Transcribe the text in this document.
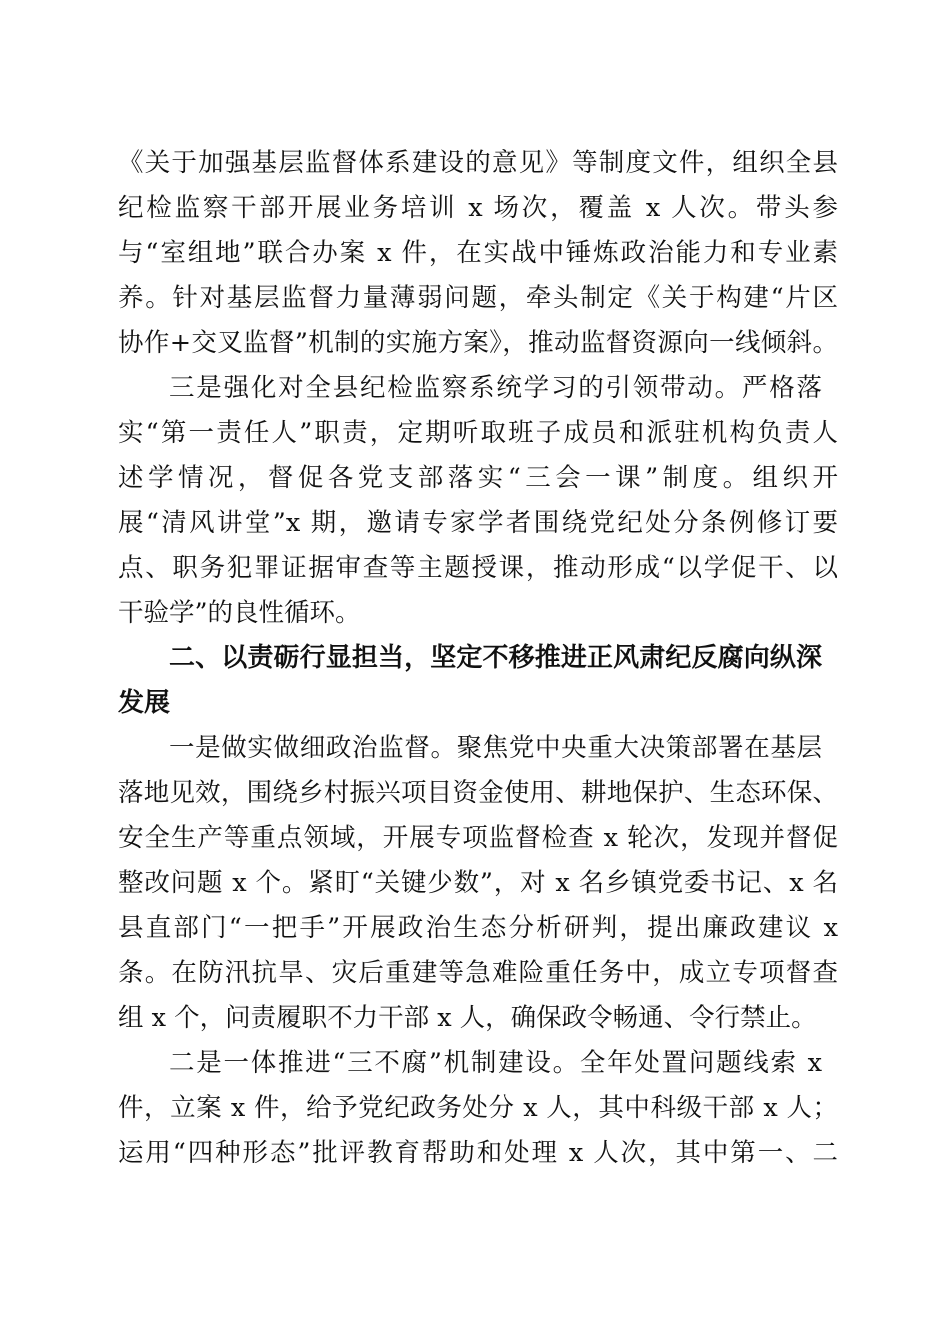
《关于加强基层监督体系建设的意见》等制度文件，组织全县
纪检监察干部开展业务培训 x 场次，覆盖 x 人次。带头参
与“室组地”联合办案 x 件，在实战中锤炼政治能力和专业素
养。针对基层监督力量薄弱问题，牵头制定《关于构建“片区
协作+交叉监督”机制的实施方案》，推动监督资源向一线倾斜。
三是强化对全县纪检监察系统学习的引领带动。严格落
实“第一责任人”职责，定期听取班子成员和派驻机构负责人
述学情况，督促各党支部落实“三会一课”制度。组织开
展“清风讲堂”x 期，邀请专家学者围绕党纪处分条例修订要
点、职务犯罪证据审查等主题授课，推动形成“以学促干、以
干验学”的良性循环。
二、以责砺行显担当，坚定不移推进正风肃纪反腐向纵深
发展
一是做实做细政治监督。聚焦党中央重大决策部署在基层
落地见效，围绕乡村振兴项目资金使用、耕地保护、生态环保、
安全生产等重点领域，开展专项监督检查 x 轮次，发现并督促
整改问题 x 个。紧盯“关键少数”，对 x 名乡镇党委书记、x 名
县直部门“一把手”开展政治生态分析研判，提出廉政建议 x
条。在防汛抗旱、灾后重建等急难险重任务中，成立专项督查
组 x 个，问责履职不力干部 x 人，确保政令畅通、令行禁止。
二是一体推进“三不腐”机制建设。全年处置问题线索 x
件，立案 x 件，给予党纪政务处分 x 人，其中科级干部 x 人；
运用“四种形态”批评教育帮助和处理 x 人次，其中第一、二
